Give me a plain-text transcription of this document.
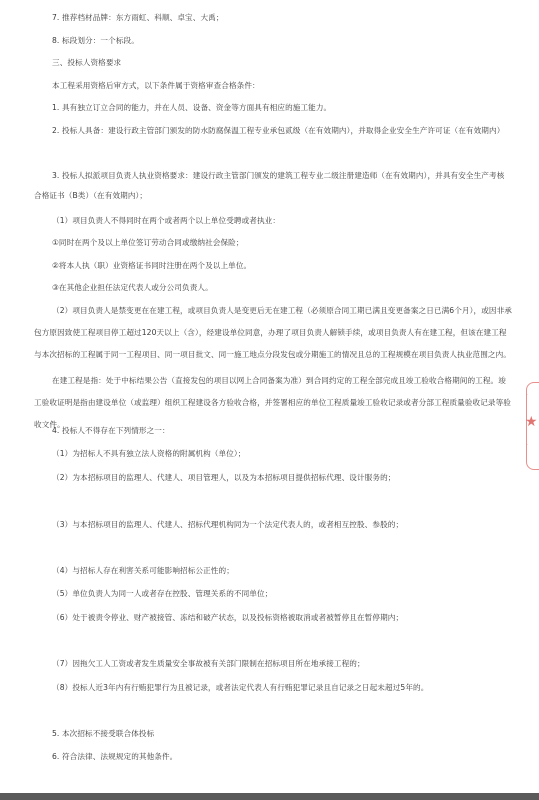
7. 推荐档材品牌：东方雨虹、科顺、卓宝、大禹；
8. 标段划分：一个标段。
三、投标人资格要求
本工程采用资格后审方式，以下条件属于资格审查合格条件：
1. 具有独立订立合同的能力，并在人员、设备、资金等方面具有相应的施工能力。
2. 投标人具备：建设行政主管部门颁发的防水防腐保温工程专业承包贰级（在有效期内），并取得企业安全生产许可证（在有效期内）
3. 投标人拟派项目负责人执业资格要求：建设行政主管部门颁发的建筑工程专业二级注册建造师（在有效期内），并具有安全生产考核合格证书（B类）（在有效期内）；
（1）项目负责人不得同时在两个或者两个以上单位受聘或者执业：
①同时在两个及以上单位签订劳动合同或缴纳社会保险；
②将本人执（职）业资格证书同时注册在两个及以上单位。
③在其他企业担任法定代表人或分公司负责人。
（2）项目负责人是禁变更在在建工程，或项目负责人是变更后无在建工程（必须原合同工期已满且变更备案之日已满6个月），或因非承包方原因致使工程项目停工超过120天以上（含），经建设单位同意，办理了项目负责人解锁手续，或项目负责人有在建工程，但该在建工程与本次招标的工程属于同一工程项目、同一项目批文、同一施工地点分段发包或分期施工的情况且总的工程规模在项目负责人执业范围之内。
在建工程是指：处于中标结果公告（直接发包的项目以网上合同备案为准）到合同约定的工程全部完成且竣工验收合格期间的工程。竣工验收证明是指由建设单位（或监理）组织工程建设各方验收合格，并签署相应的单位工程质量竣工验收记录或者分部工程质量验收记录等验收文件。
4. 投标人不得存在下列情形之一：
（1）为招标人不具有独立法人资格的附属机构（单位）；
（2）为本招标项目的监理人、代建人、项目管理人，以及为本招标项目提供招标代理、设计服务的；
（3）与本招标项目的监理人、代建人、招标代理机构同为一个法定代表人的，或者相互控股、参股的；
（4）与招标人存在利害关系可能影响招标公正性的；
（5）单位负责人为同一人或者存在控股、管理关系的不同单位；
（6）处于被责令停业、财产被接管、冻结和破产状态，以及投标资格被取消或者被暂停且在暂停期内；
（7）因拖欠工人工资或者发生质量安全事故被有关部门限制在招标项目所在地承接工程的；
（8）投标人近3年内有行贿犯罪行为且被记录，或者法定代表人有行贿犯罪记录且自记录之日起未超过5年的。
5. 本次招标不接受联合体投标
6. 符合法律、法规规定的其他条件。
·
★
·
